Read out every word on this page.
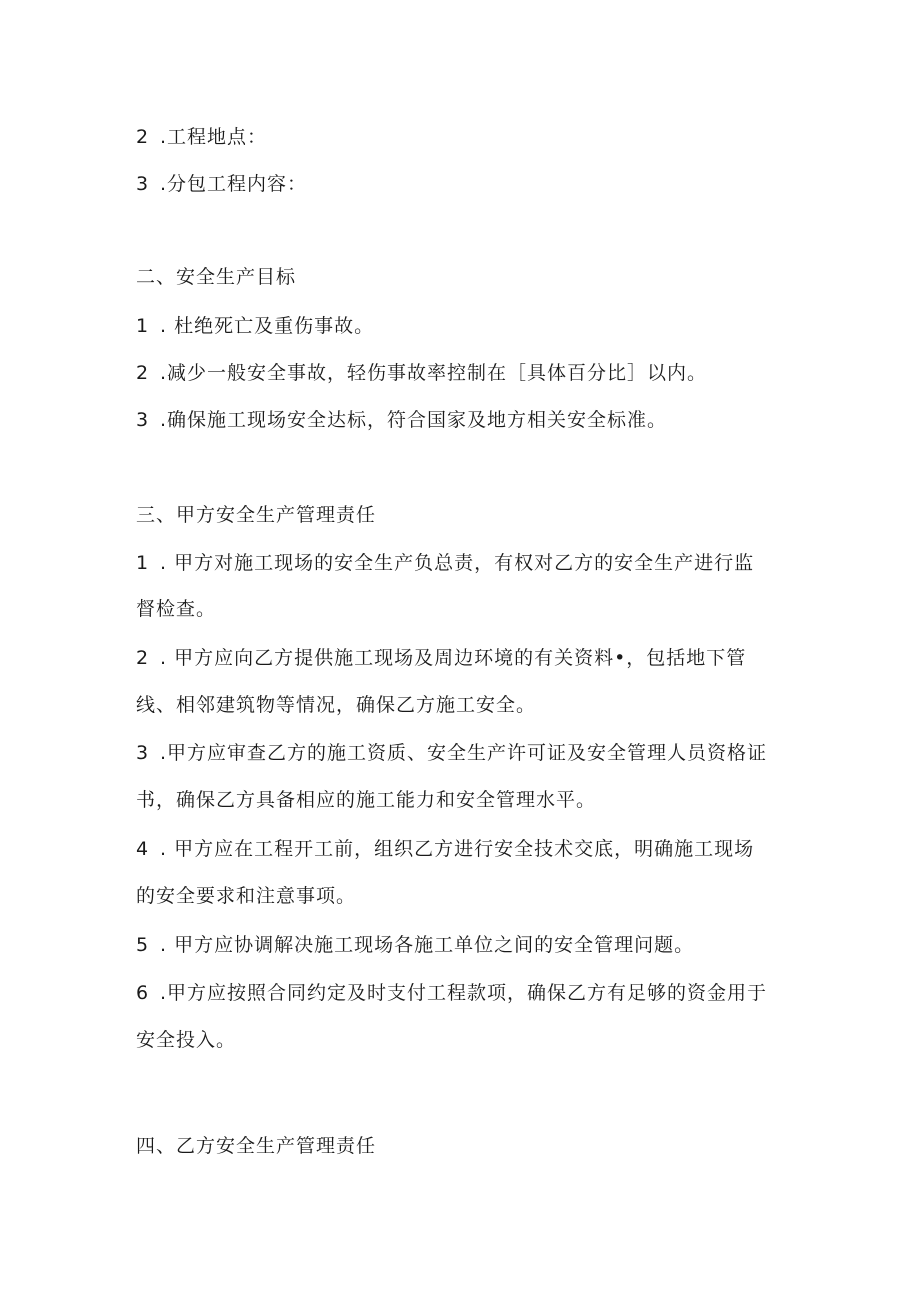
2 .工程地点：
3 .分包工程内容：
二、安全生产目标
1 . 杜绝死亡及重伤事故。
2 .减少一般安全事故，轻伤事故率控制在［具体百分比］以内。
3 .确保施工现场安全达标，符合国家及地方相关安全标准。
三、甲方安全生产管理责任
1 . 甲方对施工现场的安全生产负总责，有权对乙方的安全生产进行监
督检查。
2 . 甲方应向乙方提供施工现场及周边环境的有关资料•，包括地下管
线、相邻建筑物等情况，确保乙方施工安全。
3 .甲方应审查乙方的施工资质、安全生产许可证及安全管理人员资格证
书，确保乙方具备相应的施工能力和安全管理水平。
4 . 甲方应在工程开工前，组织乙方进行安全技术交底，明确施工现场
的安全要求和注意事项。
5 . 甲方应协调解决施工现场各施工单位之间的安全管理问题。
6 .甲方应按照合同约定及时支付工程款项，确保乙方有足够的资金用于
安全投入。
四、乙方安全生产管理责任
